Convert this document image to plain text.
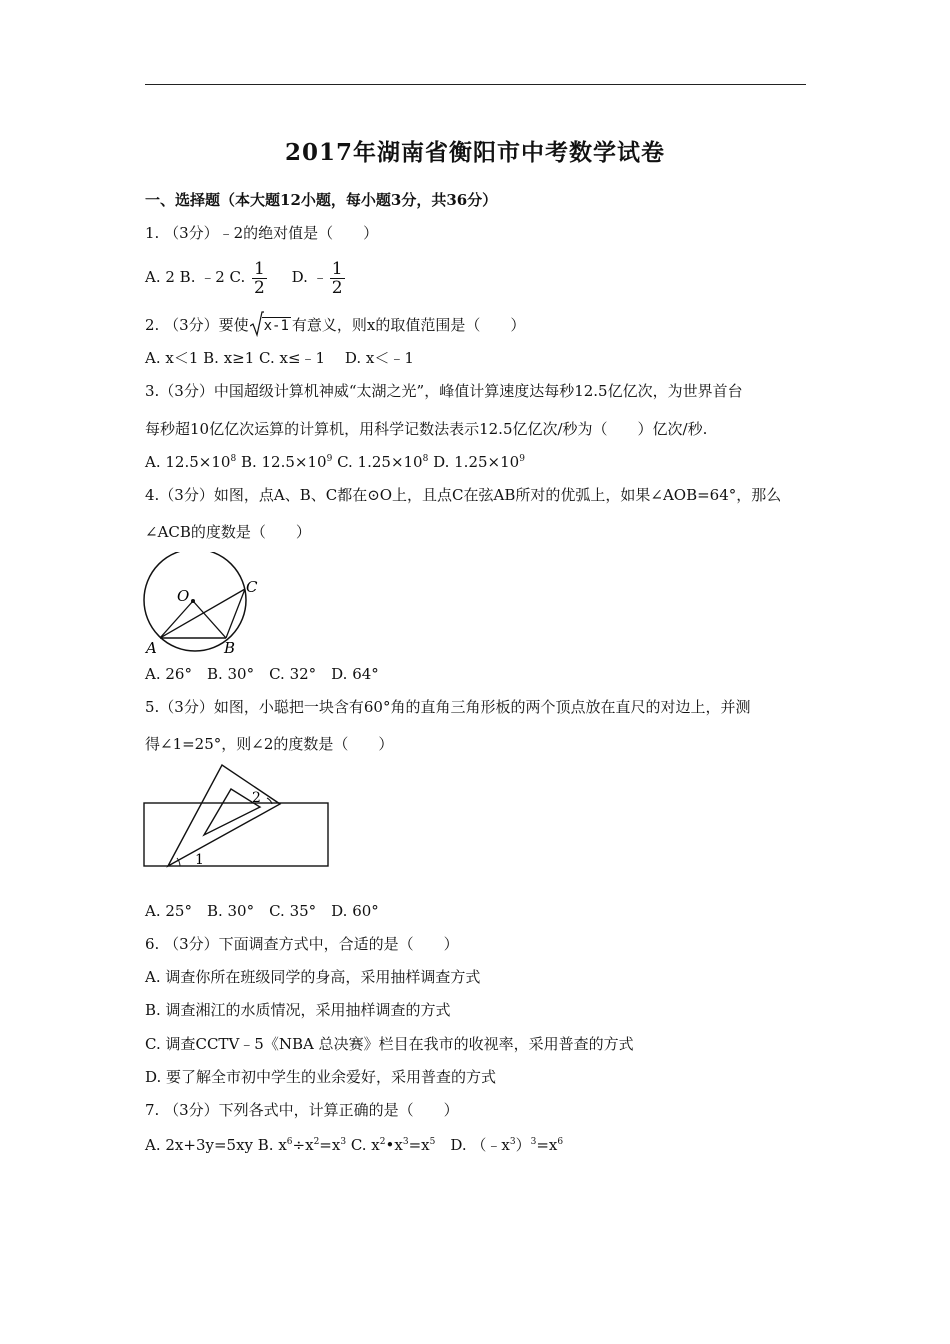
2017年湖南省衡阳市中考数学试卷
一、选择题（本大题12小题，每小题3分，共36分）
1. （3分）﹣2的绝对值是（　　）
A. 2 B. ﹣2 C. $\frac{1}{2} D$. ﹣ $\frac{1}{2}$
2. （3分）要使 x-1 有意义，则x的取值范围是（　　）
A. x＜1 B. x≥1 C. x≤﹣1 　D. x＜﹣1
3.（3分）中国超级计算机神威“太湖之光”，峰值计算速度达每秒12.5亿亿次，为世界首台
每秒超10亿亿次运算的计算机，用科学记数法表示12.5亿亿次/秒为（　　）亿次/秒.
A. $12.5\times 10^8$ B. $12.5\times 10^9$ C. $1.25\times 10^8$ D. $1.25\times 10^9$
4.（3分）如图，点A、B、C都在⊙O上，且点C在弦AB所对的优弧上，如果∠AOB=64°，那么
∠ACB的度数是（　　）
O	C
A	B
A. 26°　B. 30°　C. 32°　D. 64°
5.（3分）如图，小聪把一块含有60°角的直角三角形板的两个顶点放在直尺的对边上，并测
得∠1=25°，则∠2的度数是（　　）
1
2
A. 25°　B. 30°　C. 35°　D. 60°
6. （3分）下面调查方式中，合适的是（　　）
A. 调查你所在班级同学的身高，采用抽样调查方式
B. 调查湘江的水质情况，采用抽样调查的方式
C. 调查CCTV﹣5《NBA 总决赛》栏目在我市的收视率，采用普查的方式
D. 要了解全市初中学生的业余爱好，采用普查的方式
7. （3分）下列各式中，计算正确的是（　　）
A. 2x+3y=5xy B. $x^6\div x^2=x^3$ C. $x^2•x^3=x^5$　D. $(﹣x^3)^3=x^6$
